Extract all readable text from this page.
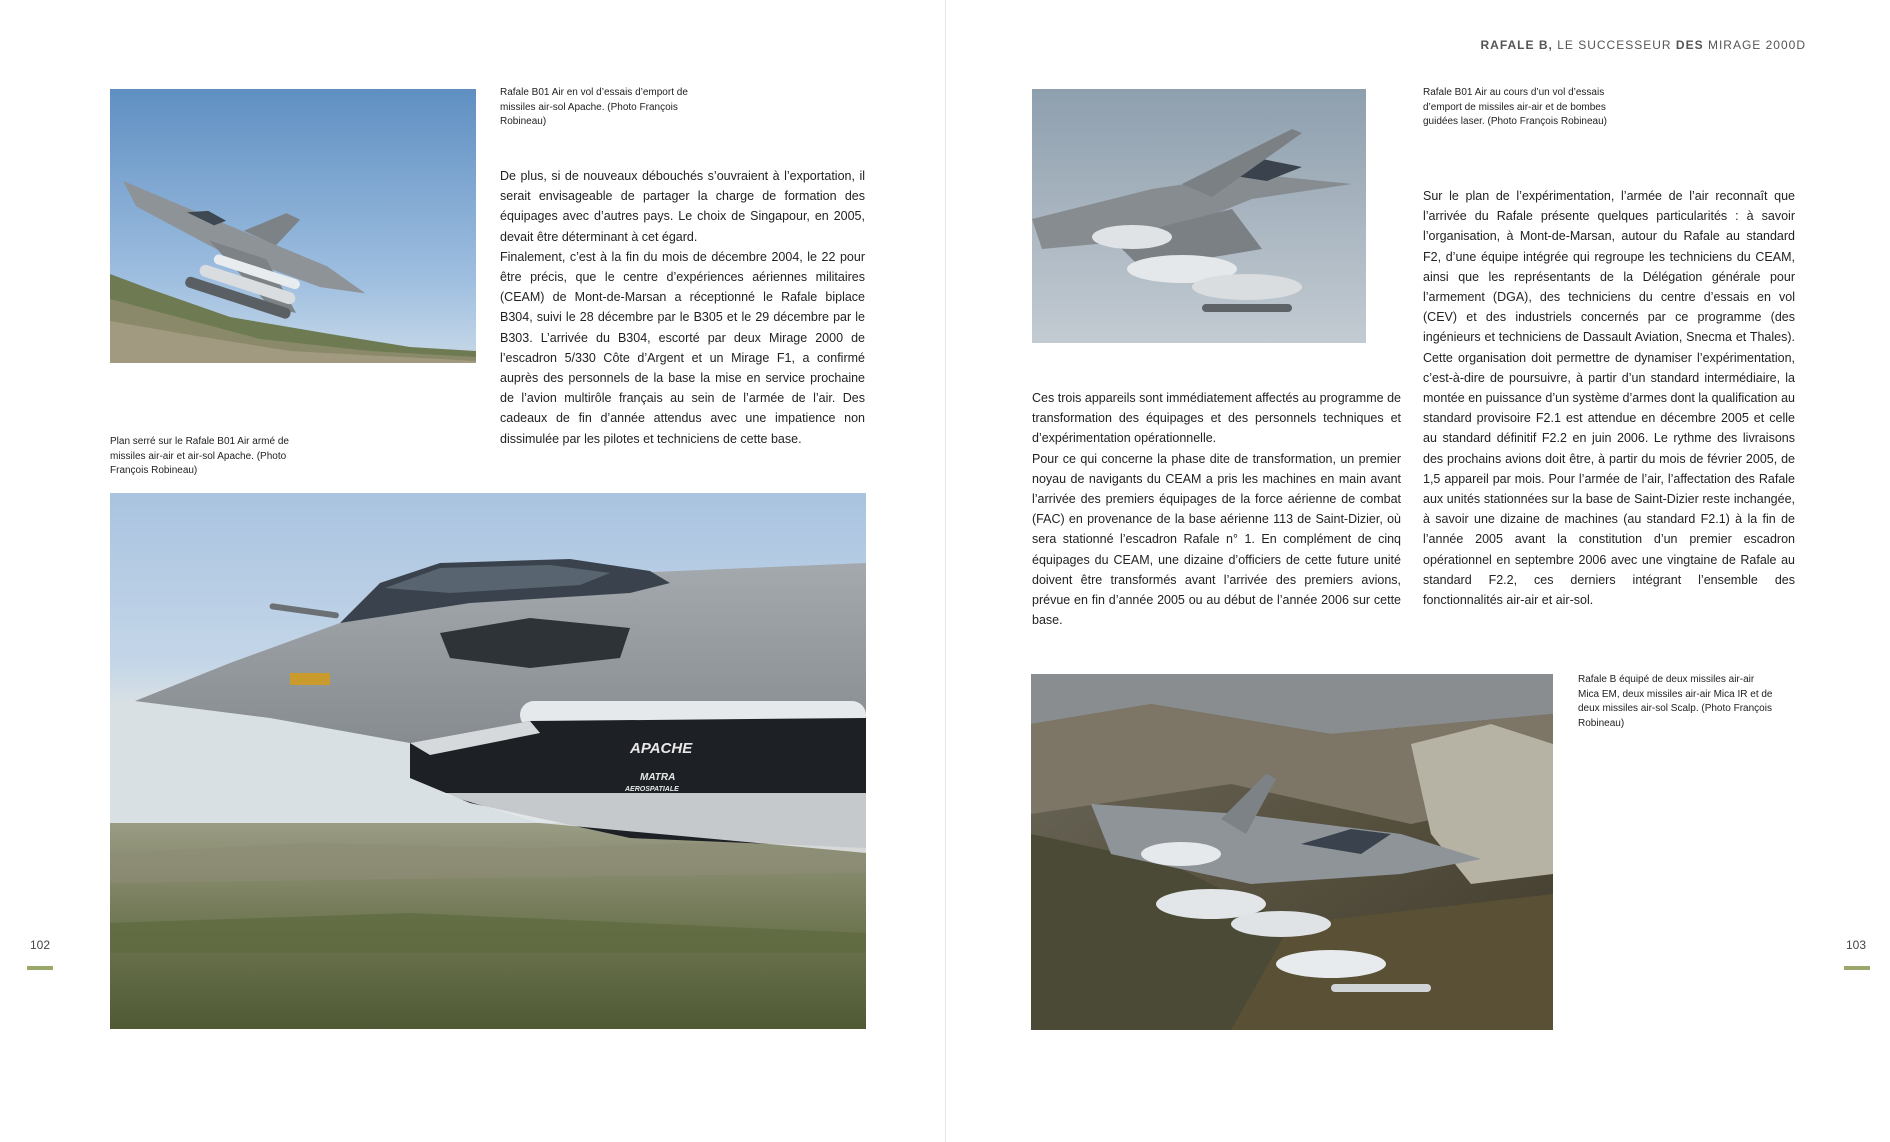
Rafale B01 Air en vol d’essais d’emport de missiles air-sol Apache. (Photo François Robineau)

De plus, si de nouveaux débouchés s’ouvraient à l’exportation, il serait envisageable de partager la charge de formation des équipages avec d’autres pays. Le choix de Singapour, en 2005, devait être déterminant à cet égard.

Finalement, c’est à la fin du mois de décembre 2004, le 22 pour être précis, que le centre d’expériences aériennes militaires (CEAM) de Mont-de-Marsan a réceptionné le Rafale biplace B304, suivi le 28 décembre par le B305 et le 29 décembre par le B303. L’arrivée du B304, escorté par deux Mirage 2000 de l’escadron 5/330 Côte d’Argent et un Mirage F1, a confirmé auprès des personnels de la base la mise en service prochaine de l’avion multirôle français au sein de l’armée de l’air. Des cadeaux de fin d’année attendus avec une impatience non dissimulée par les pilotes et techniciens de cette base.

Plan serré sur le Rafale B01 Air armé de missiles air-air et air-sol Apache. (Photo François Robineau)
APACHE
MATRA
AEROSPATIALE
102
RAFALE B, LE SUCCESSEUR DES MIRAGE 2000D
Rafale B01 Air au cours d’un vol d’essais d’emport de missiles air-air et de bombes guidées laser. (Photo François Robineau)

Ces trois appareils sont immédiatement affectés au programme de transformation des équipages et des personnels techniques et d’expérimentation opérationnelle.

Pour ce qui concerne la phase dite de transformation, un premier noyau de navigants du CEAM a pris les machines en main avant l’arrivée des premiers équipages de la force aérienne de combat (FAC) en provenance de la base aérienne 113 de Saint-Dizier, où sera stationné l’escadron Rafale n° 1. En complément de cinq équipages du CEAM, une dizaine d’officiers de cette future unité doivent être transformés avant l’arrivée des premiers avions, prévue en fin d’année 2005 ou au début de l’année 2006 sur cette base.

Sur le plan de l’expérimentation, l’armée de l’air reconnaît que l’arrivée du Rafale présente quelques particularités : à savoir l’organisation, à Mont-de-Marsan, autour du Rafale au standard F2, d’une équipe intégrée qui regroupe les techniciens du CEAM, ainsi que les représentants de la Délégation générale pour l’armement (DGA), des techniciens du centre d’essais en vol (CEV) et des industriels concernés par ce programme (des ingénieurs et techniciens de Dassault Aviation, Snecma et Thales). Cette organisation doit permettre de dynamiser l’expérimentation, c’est-à-dire de poursuivre, à partir d’un standard intermédiaire, la montée en puissance d’un système d’armes dont la qualification au standard provisoire F2.1 est attendue en décembre 2005 et celle au standard définitif F2.2 en juin 2006. Le rythme des livraisons des prochains avions doit être, à partir du mois de février 2005, de 1,5 appareil par mois. Pour l’armée de l’air, l’affectation des Rafale aux unités stationnées sur la base de Saint-Dizier reste inchangée, à savoir une dizaine de machines (au standard F2.1) à la fin de l’année 2005 avant la constitution d’un premier escadron opérationnel en septembre 2006 avec une vingtaine de Rafale au standard F2.2, ces derniers intégrant l’ensemble des fonctionnalités air-air et air-sol.

Rafale B équipé de deux missiles air-air Mica EM, deux missiles air-air Mica IR et de deux missiles air-sol Scalp. (Photo François Robineau)
103
